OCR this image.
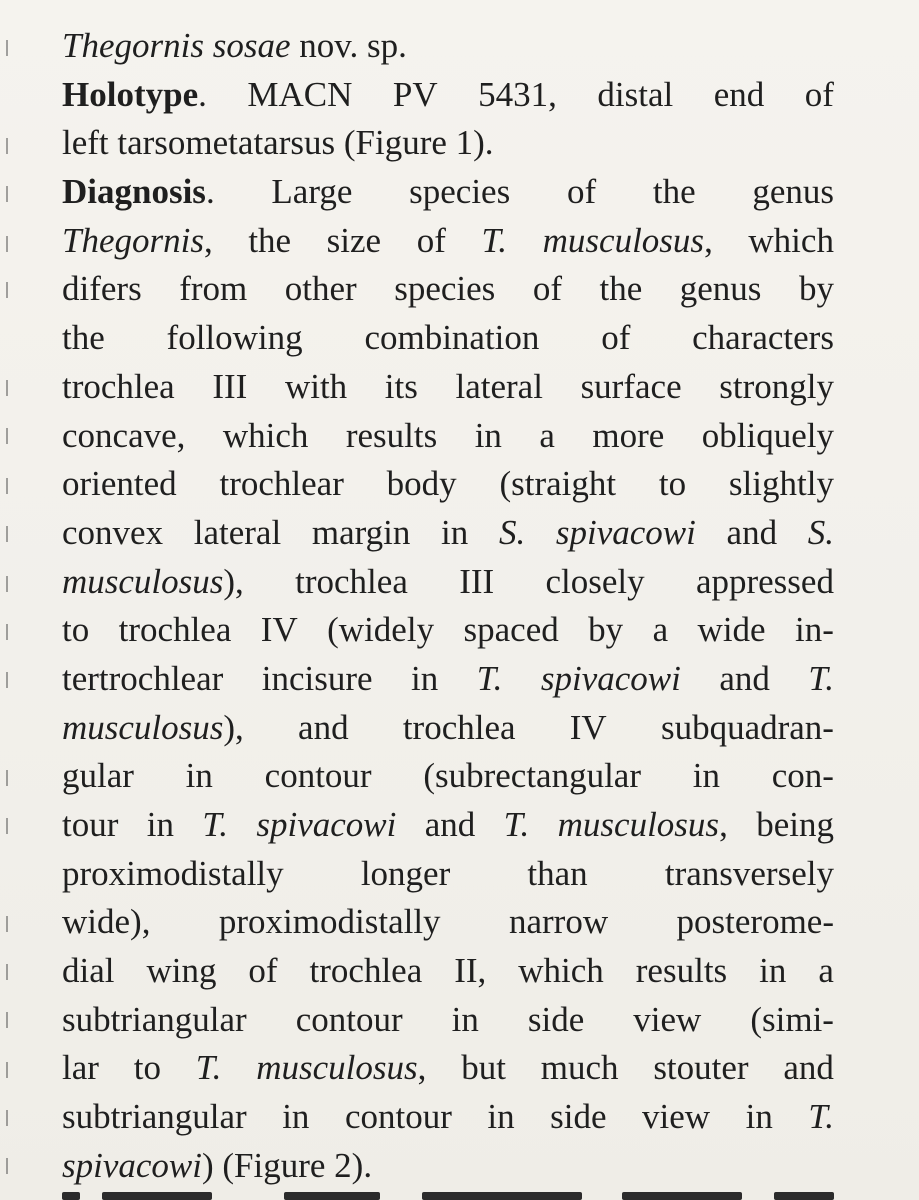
Thegornis sosae nov. sp.
Holotype . MACN PV 5431, distal end of
left tarsometatarsus (Figure 1).
Diagnosis. Large species of the genus
Thegornis, the size of T. musculosus, which
difers from other species of the genus by
the following combination of characters
trochlea III with its lateral surface strongly
concave, which results in a more obliquely
oriented trochlear body (straight to slightly
convex lateral margin in S. spivacowi and S.
musculosus), trochlea III closely appressed
to trochlea IV (widely spaced by a wide in-
tertrochlear incisure in T. spivacowi and T.
musculosus), and trochlea IV subquadran-
gular in contour (subrectangular in con-
tour in T. spivacowi and T. musculosus, being
proximodistally longer than transversely
wide), proximodistally narrow posterome-
dial wing of trochlea II, which results in a
subtriangular contour in side view (simi-
lar to T. musculosus, but much stouter and
subtriangular in contour in side view in T.
spivacowi) (Figure 2).
